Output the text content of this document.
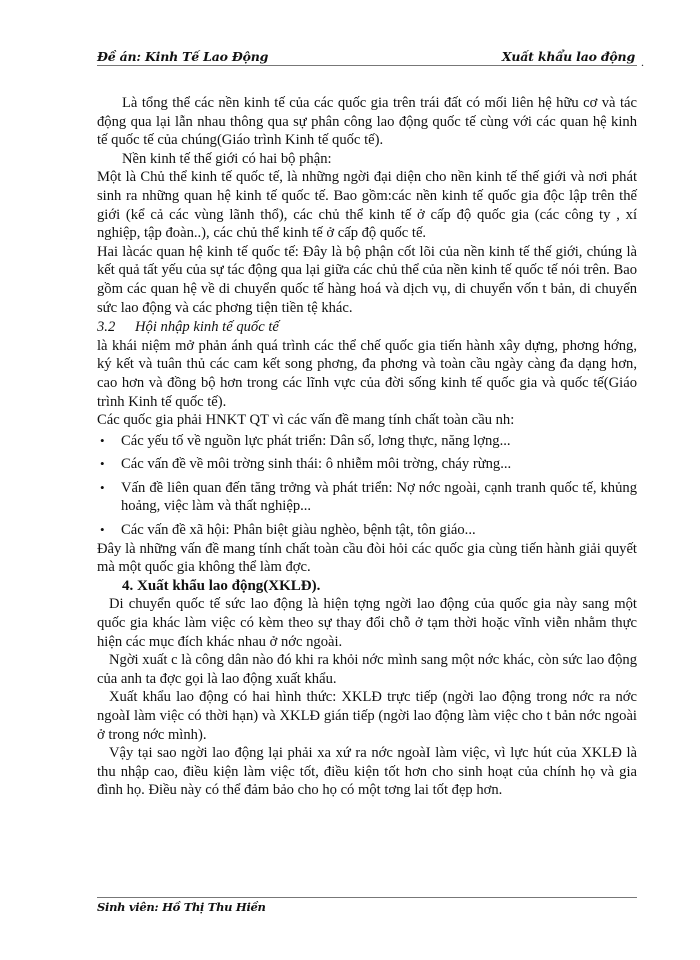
Đề án: Kinh Tế Lao Động	Xuất khẩu lao động .

Là tổng thể các nền kinh tế của các quốc gia trên trái đất có mối liên hệ hữu cơ và tác động qua lại lẫn nhau thông qua sự phân công lao động quốc tế cùng với các quan hệ kinh tế quốc tế của chúng(Giáo trình Kinh tế quốc tế).

Nền kinh tế thế giới có hai bộ phận:

Một là Chủ thể kinh tế quốc tế, là những ngời đại diện cho nền kinh tế thế giới và nơi phát sinh ra những quan hệ kinh tế quốc tế. Bao gồm:các nền kinh tế quốc gia độc lập trên thế giới (kể cả các vùng lãnh thổ), các chủ thể kinh tế ở cấp độ quốc gia (các công ty , xí nghiệp, tập đoàn..), các chủ thể kinh tế ở cấp độ quốc tế.

Hai làcác quan hệ kinh tế quốc tế: Đây là bộ phận cốt lõi của nền kinh tế thế giới, chúng là kết quả tất yếu của sự tác động qua lại giữa các chủ thể của nền kinh tế quốc tế nói trên. Bao gồm các quan hệ về di chuyển quốc tế hàng hoá và dịch vụ, di chuyển vốn t bản, di chuyển sức lao động và các phơng tiện tiền tệ khác.

3.2 Hội nhập kinh tế quốc tế

là khái niệm mở phản ánh quá trình các thể chế quốc gia tiến hành xây dựng, phơng hớng, ký kết và tuân thủ các cam kết song phơng, đa phơng và toàn cầu ngày càng đa dạng hơn, cao hơn và đồng bộ hơn trong các lĩnh vực của đời sống kinh tế quốc gia và quốc tế(Giáo trình Kinh tế quốc tế).

Các quốc gia phải HNKT QT vì các vấn đề mang tính chất toàn cầu nh:

• Các yếu tố về nguồn lực phát triển: Dân số, lơng thực, năng lợng...
• Các vấn đề về môi trờng sinh thái: ô nhiễm môi trờng, cháy rừng...
• Vấn đề liên quan đến tăng trởng và phát triển: Nợ nớc ngoài, cạnh tranh quốc tế, khủng hoảng, việc làm và thất nghiệp...
• Các vấn đề xã hội: Phân biệt giàu nghèo, bệnh tật, tôn giáo...

Đây là những vấn đề mang tính chất toàn cầu đòi hỏi các quốc gia cùng tiến hành giải quyết mà một quốc gia không thể làm đợc.

4. Xuất khẩu lao động(XKLĐ).

Di chuyển quốc tế sức lao động là hiện tợng ngời lao động của quốc gia này sang một quốc gia khác làm việc có kèm theo sự thay đổi chỗ ở tạm thời hoặc vĩnh viễn nhằm thực hiện các mục đích khác nhau ở nớc ngoài.

Ngời xuất c là công dân nào đó khi ra khỏi nớc mình sang một nớc khác, còn sức lao động của anh ta đợc gọi là lao động xuất khẩu.

Xuất khẩu lao động có hai hình thức: XKLĐ trực tiếp (ngời lao động trong nớc ra nớc ngoàI làm việc có thời hạn) và XKLĐ gián tiếp (ngời lao động làm việc cho t bản nớc ngoài ở trong nớc mình).

Vậy tại sao ngời lao động lại phải xa xứ ra nớc ngoàI làm việc, vì lực hút của XKLĐ là thu nhập cao, điều kiện làm việc tốt, điều kiện tốt hơn cho sinh hoạt của chính họ và gia đình họ. Điều này có thể đảm bảo cho họ có một tơng lai tốt đẹp hơn.

Sinh viên: Hồ Thị Thu Hiền
